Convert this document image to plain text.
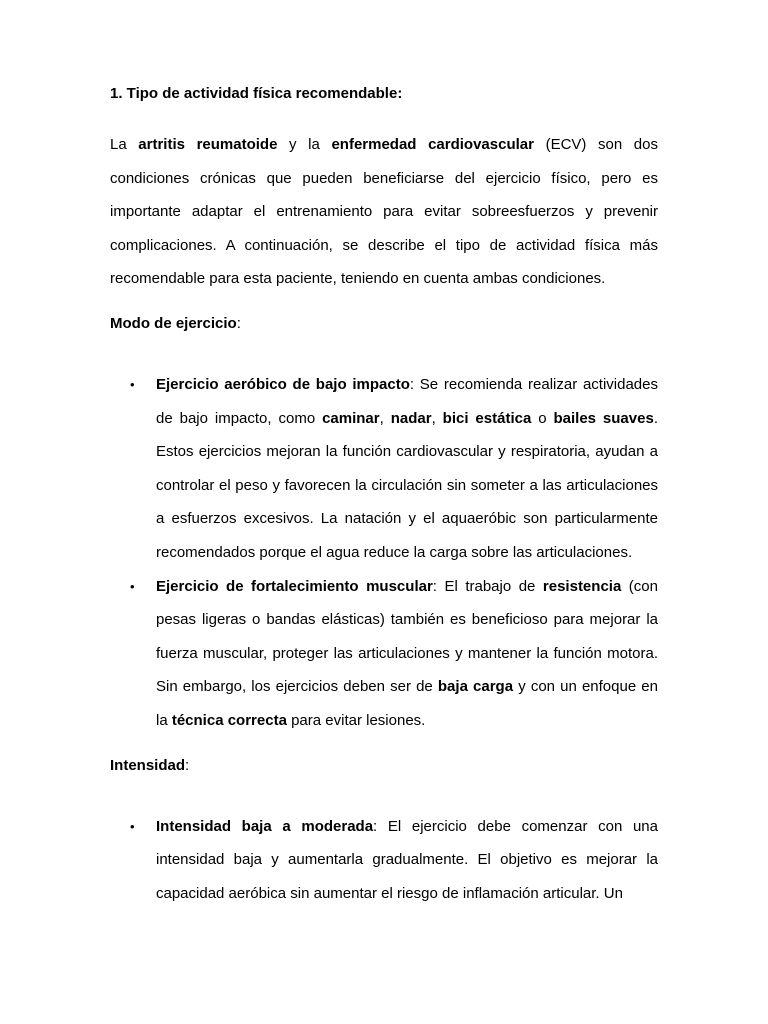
1. Tipo de actividad física recomendable:

La artritis reumatoide y la enfermedad cardiovascular (ECV) son dos condiciones crónicas que pueden beneficiarse del ejercicio físico, pero es importante adaptar el entrenamiento para evitar sobreesfuerzos y prevenir complicaciones. A continuación, se describe el tipo de actividad física más recomendable para esta paciente, teniendo en cuenta ambas condiciones.

Modo de ejercicio:

• Ejercicio aeróbico de bajo impacto: Se recomienda realizar actividades de bajo impacto, como caminar, nadar, bici estática o bailes suaves. Estos ejercicios mejoran la función cardiovascular y respiratoria, ayudan a controlar el peso y favorecen la circulación sin someter a las articulaciones a esfuerzos excesivos. La natación y el aquaeróbic son particularmente recomendados porque el agua reduce la carga sobre las articulaciones.
• Ejercicio de fortalecimiento muscular: El trabajo de resistencia (con pesas ligeras o bandas elásticas) también es beneficioso para mejorar la fuerza muscular, proteger las articulaciones y mantener la función motora. Sin embargo, los ejercicios deben ser de baja carga y con un enfoque en la técnica correcta para evitar lesiones.

Intensidad:

• Intensidad baja a moderada: El ejercicio debe comenzar con una intensidad baja y aumentarla gradualmente. El objetivo es mejorar la capacidad aeróbica sin aumentar el riesgo de inflamación articular. Un
